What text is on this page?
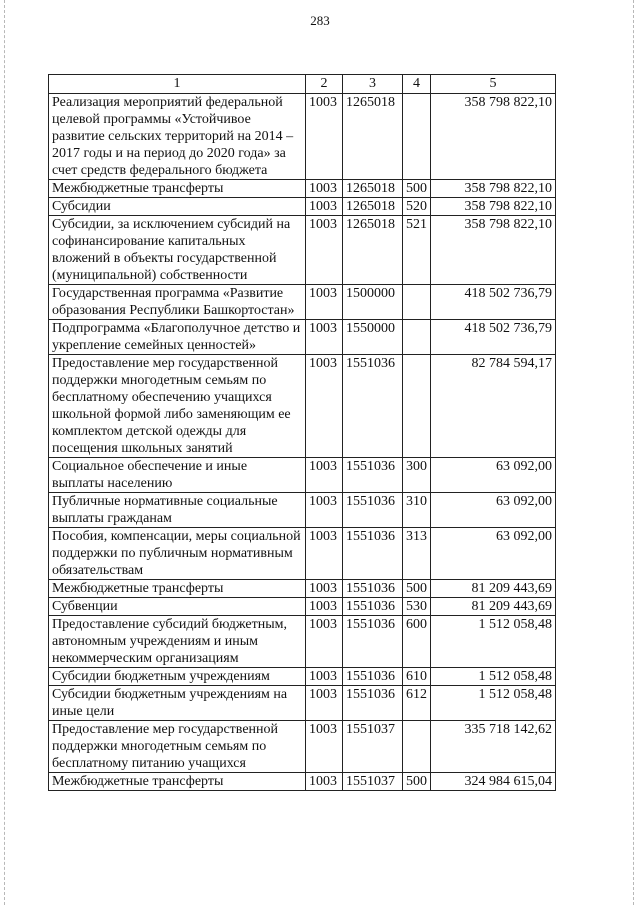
283
1	2	3	4	5
Реализация мероприятий федеральной целевой программы «Устойчивое развитие сельских территорий на 2014 – 2017 годы и на период до 2020 года» за счет средств федерального бюджета	1003	1265018		358 798 822,10
Межбюджетные трансферты	1003	1265018	500	358 798 822,10
Субсидии	1003	1265018	520	358 798 822,10
Субсидии, за исключением субсидий на софинансирование капитальных вложений в объекты государственной (муниципальной) собственности	1003	1265018	521	358 798 822,10
Государственная программа «Развитие образования Республики Башкортостан»	1003	1500000		418 502 736,79
Подпрограмма «Благополучное детство и укрепление семейных ценностей»	1003	1550000		418 502 736,79
Предоставление мер государственной поддержки многодетным семьям по бесплатному обеспечению учащихся школьной формой либо заменяющим ее комплектом детской одежды для посещения школьных занятий	1003	1551036		82 784 594,17
Социальное обеспечение и иные выплаты населению	1003	1551036	300	63 092,00
Публичные нормативные социальные выплаты гражданам	1003	1551036	310	63 092,00
Пособия, компенсации, меры социальной поддержки по публичным нормативным обязательствам	1003	1551036	313	63 092,00
Межбюджетные трансферты	1003	1551036	500	81 209 443,69
Субвенции	1003	1551036	530	81 209 443,69
Предоставление субсидий бюджетным, автономным учреждениям и иным некоммерческим организациям	1003	1551036	600	1 512 058,48
Субсидии бюджетным учреждениям	1003	1551036	610	1 512 058,48
Субсидии бюджетным учреждениям на иные цели	1003	1551036	612	1 512 058,48
Предоставление мер государственной поддержки многодетным семьям по бесплатному питанию учащихся	1003	1551037		335 718 142,62
Межбюджетные трансферты	1003	1551037	500	324 984 615,04
